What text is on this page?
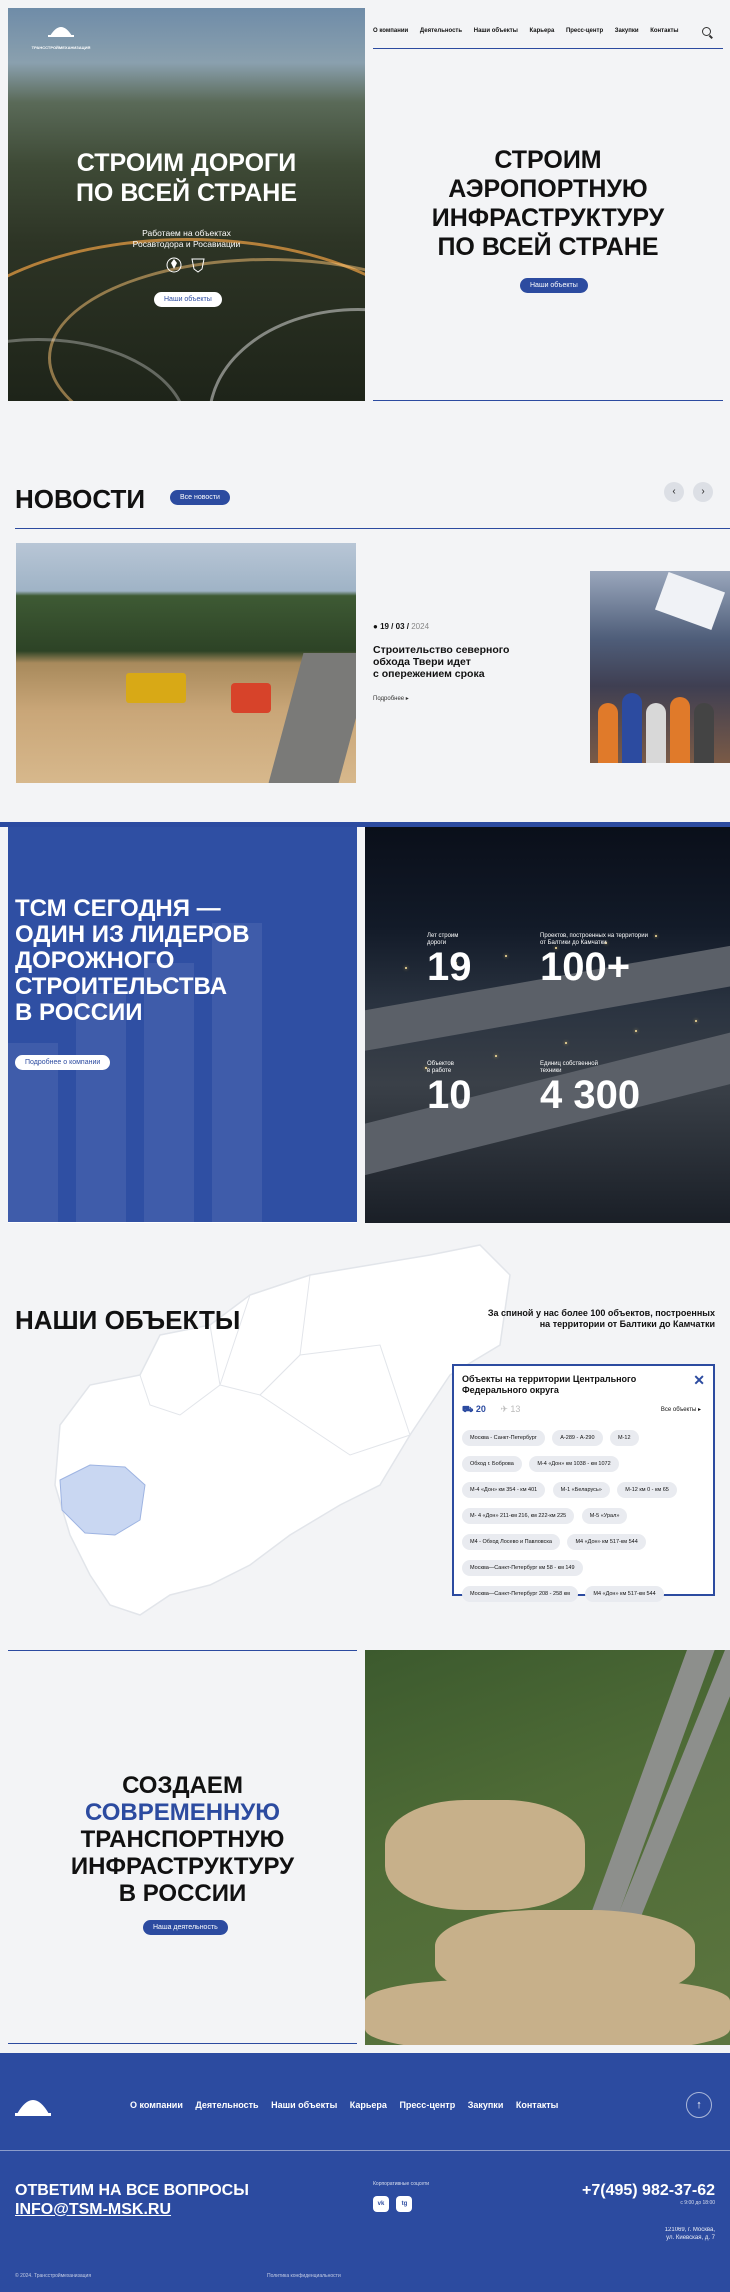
ТРАНССТРОЙМЕХАНИЗАЦИЯ
СТРОИМ ДОРОГИ
ПО ВСЕЙ СТРАНЕ
Работаем на объектах
Росавтодора и Росавиации
Наши объекты
О компании Деятельность Наши объекты Карьера Пресс-центр Закупки Контакты
СТРОИМ
АЭРОПОРТНУЮ
ИНФРАСТРУКТУРУ
ПО ВСЕЙ СТРАНЕ
Наши объекты
НОВОСТИ	Все новости
‹	›
● 19 / 03 / 2024
Строительство северного
обхода Твери идет
с опережением срока
Подробнее ▸
ТСМ СЕГОДНЯ —
ОДИН ИЗ ЛИДЕРОВ
ДОРОЖНОГО
СТРОИТЕЛЬСТВА
В РОССИИ
Подробнее о компании
Лет строим
дороги
19
Проектов, построенных на территории
от Балтики до Камчатки
100+
Объектов
в работе
10
Единиц собственной
техники
4 300
НАШИ ОБЪЕКТЫ	За спиной у нас более 100 объектов, построенных
на территории от Балтики до Камчатки
Объекты на территории Центрального Федерального округа
✕
⛟ 20 ✈ 13	Все объекты ▸
Москва - Санкт-Петербург	А-289 - А-290	М-12 Обход г. Боброва	М-4 «Дон» км 1038 - км 1072 М-4 «Дон» км 354 - км 401	М-1 «Беларусь»	М-12 км 0 - км 65 М- 4 «Дон» 211-км 216, км 222-км 225	М-5 «Урал» М4 - Обход Лосево и Павловска	М4 «Дон» км 517-км 544 Москва—Санкт-Петербург км 58 - км 149 Москва—Санкт-Петербург 208 - 258 км	М4 «Дон» км 517-км 544
СОЗДАЕМ
СОВРЕМЕННУЮ
ТРАНСПОРТНУЮ
ИНФРАСТРУКТУРУ
В РОССИИ
Наша деятельность
О компании Деятельность Наши объекты Карьера Пресс-центр Закупки Контакты	↑
ОТВЕТИМ НА ВСЕ ВОПРОСЫ
INFO@TSM-MSK.RU
Корпоративные соцсети
vk	tg
+7(495) 982-37-62
с 9:00 до 18:00
121069, г. Москва,
ул. Киевская, д. 7
© 2024. Трансстроймеханизация	Политика конфиденциальности
